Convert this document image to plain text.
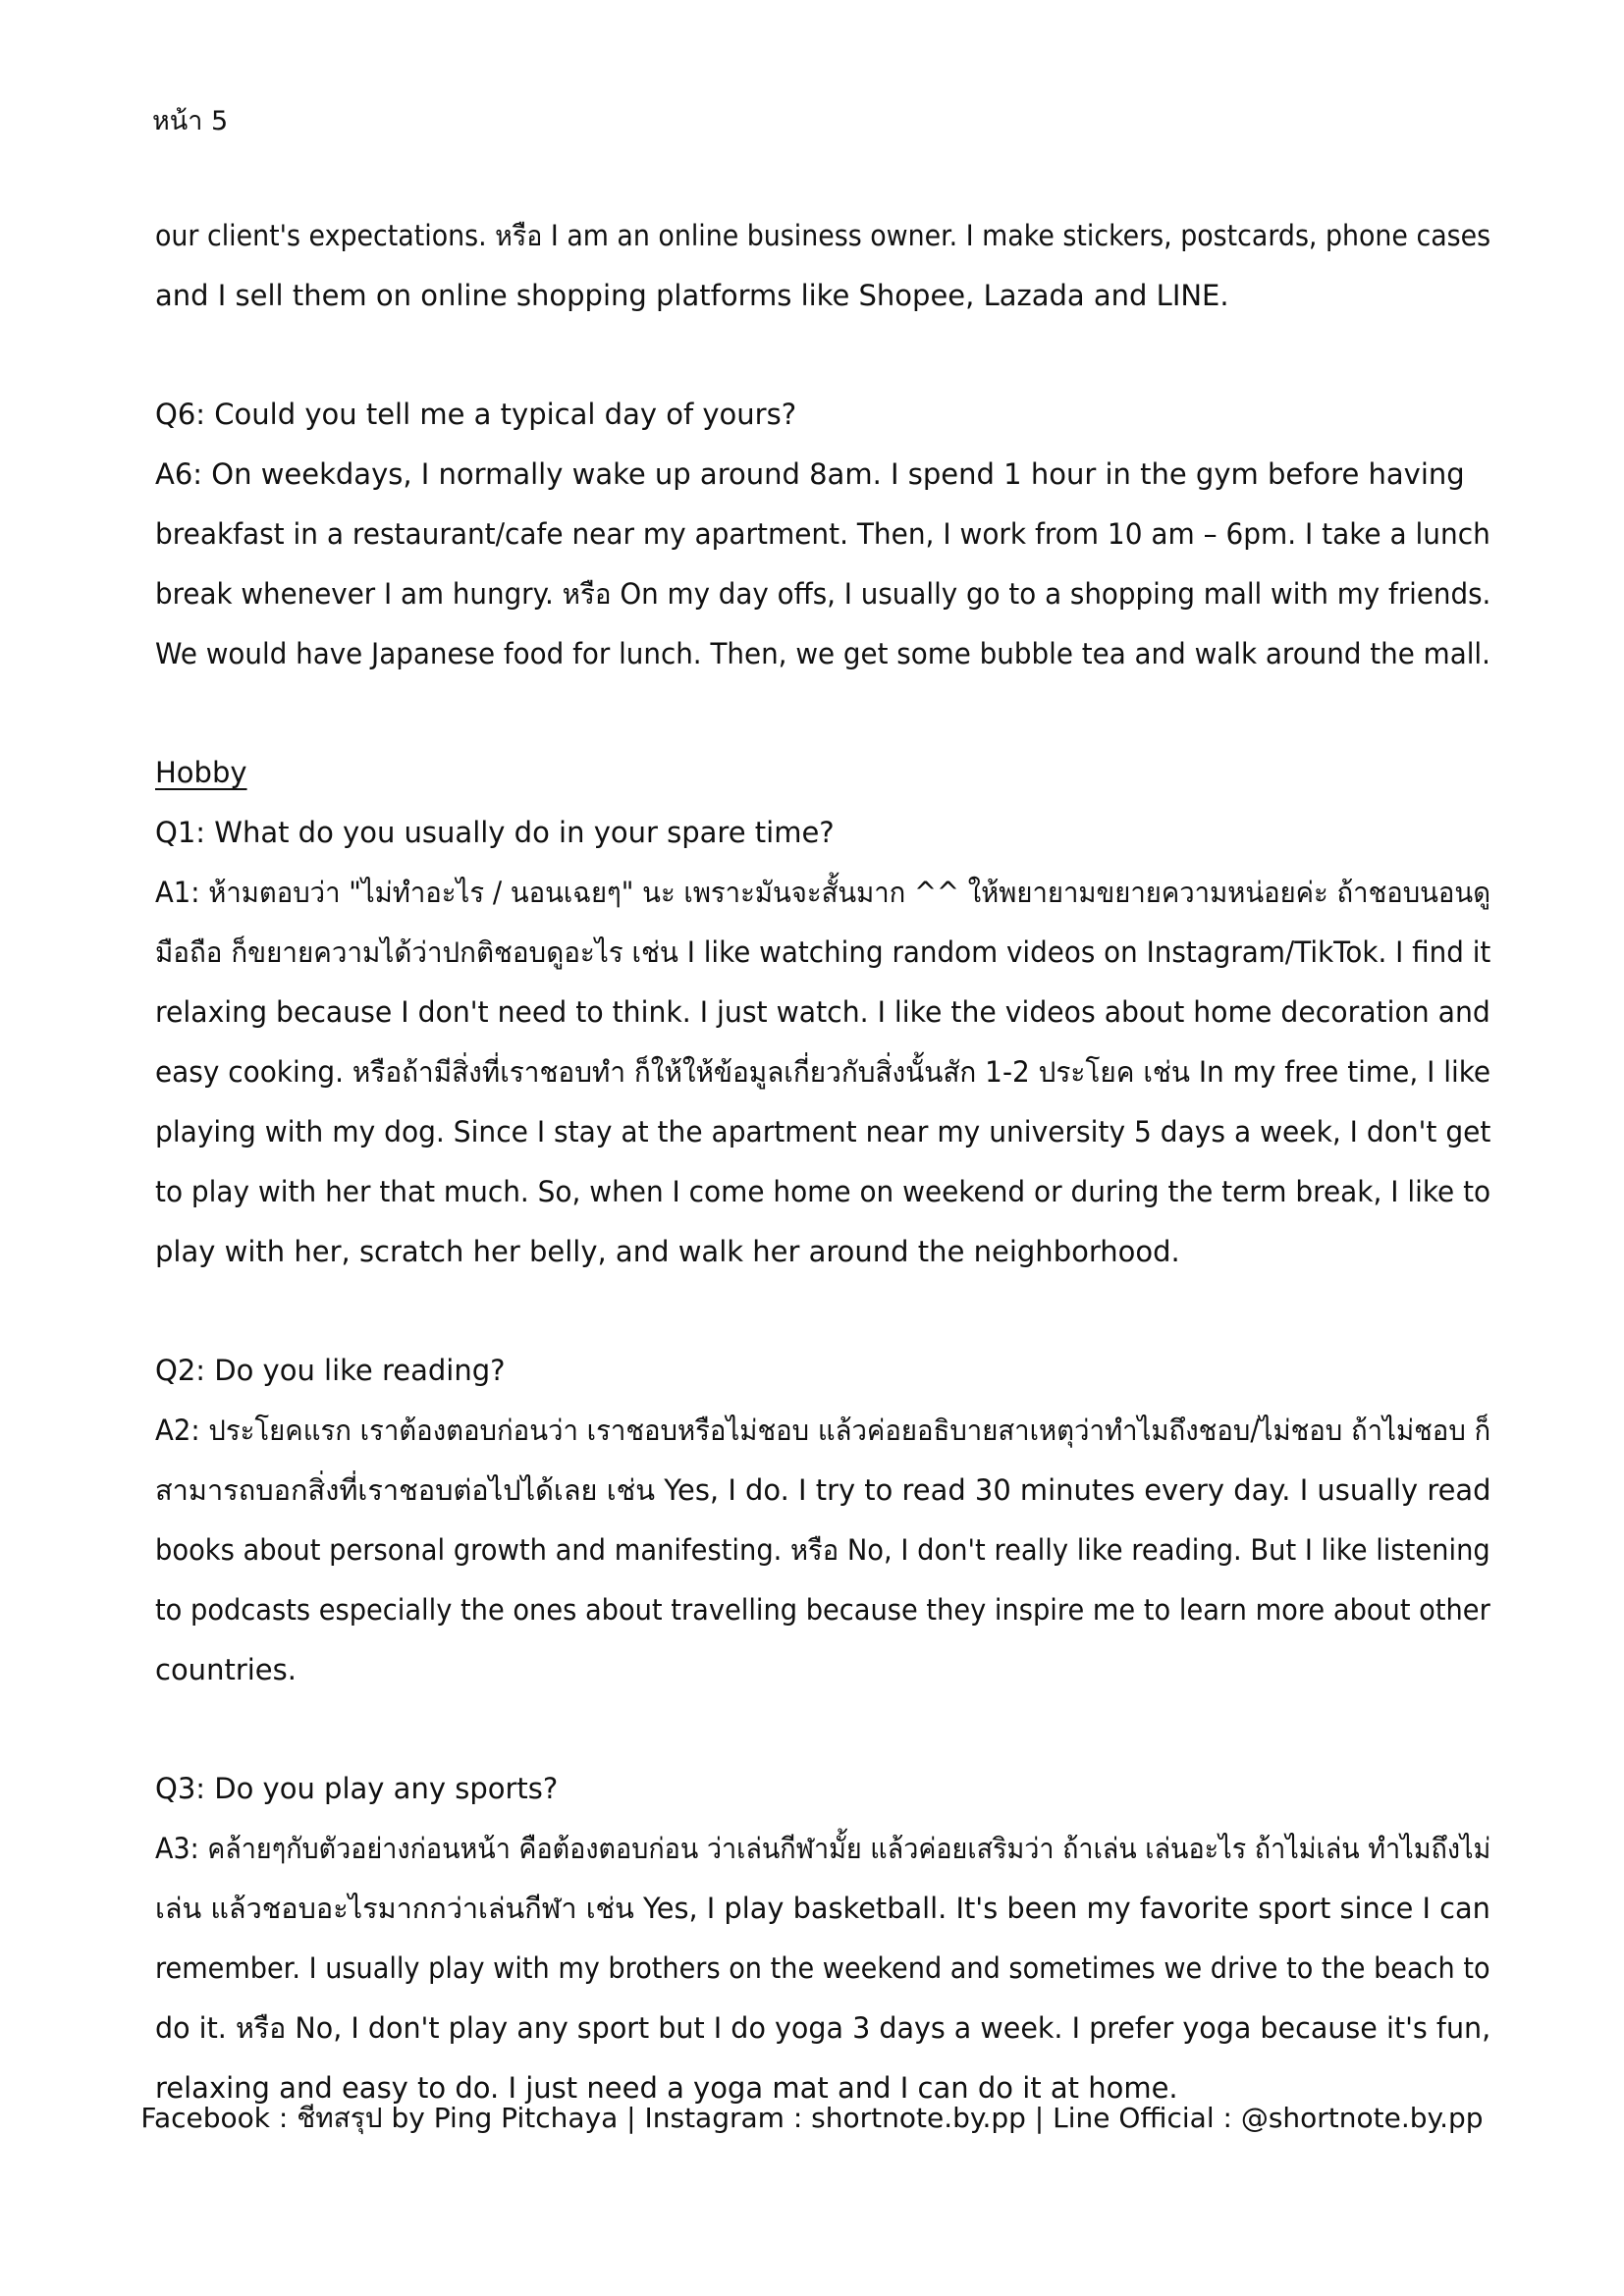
หน้า 5
our client's expectations. หรือ I am an online business owner. I make stickers, postcards, phone cases
and I sell them on online shopping platforms like Shopee, Lazada and LINE.
Q6: Could you tell me a typical day of yours?
A6: On weekdays, I normally wake up around 8am. I spend 1 hour in the gym before having
breakfast in a restaurant/cafe near my apartment. Then, I work from 10 am – 6pm. I take a lunch
break whenever I am hungry. หรือ On my day offs, I usually go to a shopping mall with my friends.
We would have Japanese food for lunch. Then, we get some bubble tea and walk around the mall.
Hobby
Q1: What do you usually do in your spare time?
A1: ห้ามตอบว่า "ไม่ทำอะไร / นอนเฉยๆ" นะ เพราะมันจะสั้นมาก ^^ ให้พยายามขยายความหน่อยค่ะ ถ้าชอบนอนดู
มือถือ ก็ขยายความได้ว่าปกติชอบดูอะไร เช่น I like watching random videos on Instagram/TikTok. I find it
relaxing because I don't need to think. I just watch. I like the videos about home decoration and
easy cooking. หรือถ้ามีสิ่งที่เราชอบทำ ก็ให้ให้ข้อมูลเกี่ยวกับสิ่งนั้นสัก 1-2 ประโยค เช่น In my free time, I like
playing with my dog. Since I stay at the apartment near my university 5 days a week, I don't get
to play with her that much. So, when I come home on weekend or during the term break, I like to
play with her, scratch her belly, and walk her around the neighborhood.
Q2: Do you like reading?
A2: ประโยคแรก เราต้องตอบก่อนว่า เราชอบหรือไม่ชอบ แล้วค่อยอธิบายสาเหตุว่าทำไมถึงชอบ/ไม่ชอบ ถ้าไม่ชอบ ก็
สามารถบอกสิ่งที่เราชอบต่อไปได้เลย เช่น Yes, I do. I try to read 30 minutes every day. I usually read
books about personal growth and manifesting. หรือ No, I don't really like reading. But I like listening
to podcasts especially the ones about travelling because they inspire me to learn more about other
countries.
Q3: Do you play any sports?
A3: คล้ายๆกับตัวอย่างก่อนหน้า คือต้องตอบก่อน ว่าเล่นกีฬามั้ย แล้วค่อยเสริมว่า ถ้าเล่น เล่นอะไร ถ้าไม่เล่น ทำไมถึงไม่
เล่น แล้วชอบอะไรมากกว่าเล่นกีฬา เช่น Yes, I play basketball. It's been my favorite sport since I can
remember. I usually play with my brothers on the weekend and sometimes we drive to the beach to
do it. หรือ No, I don't play any sport but I do yoga 3 days a week. I prefer yoga because it's fun,
relaxing and easy to do. I just need a yoga mat and I can do it at home.
Facebook : ชีทสรุป by Ping Pitchaya | Instagram : shortnote.by.pp | Line Official : @shortnote.by.pp
